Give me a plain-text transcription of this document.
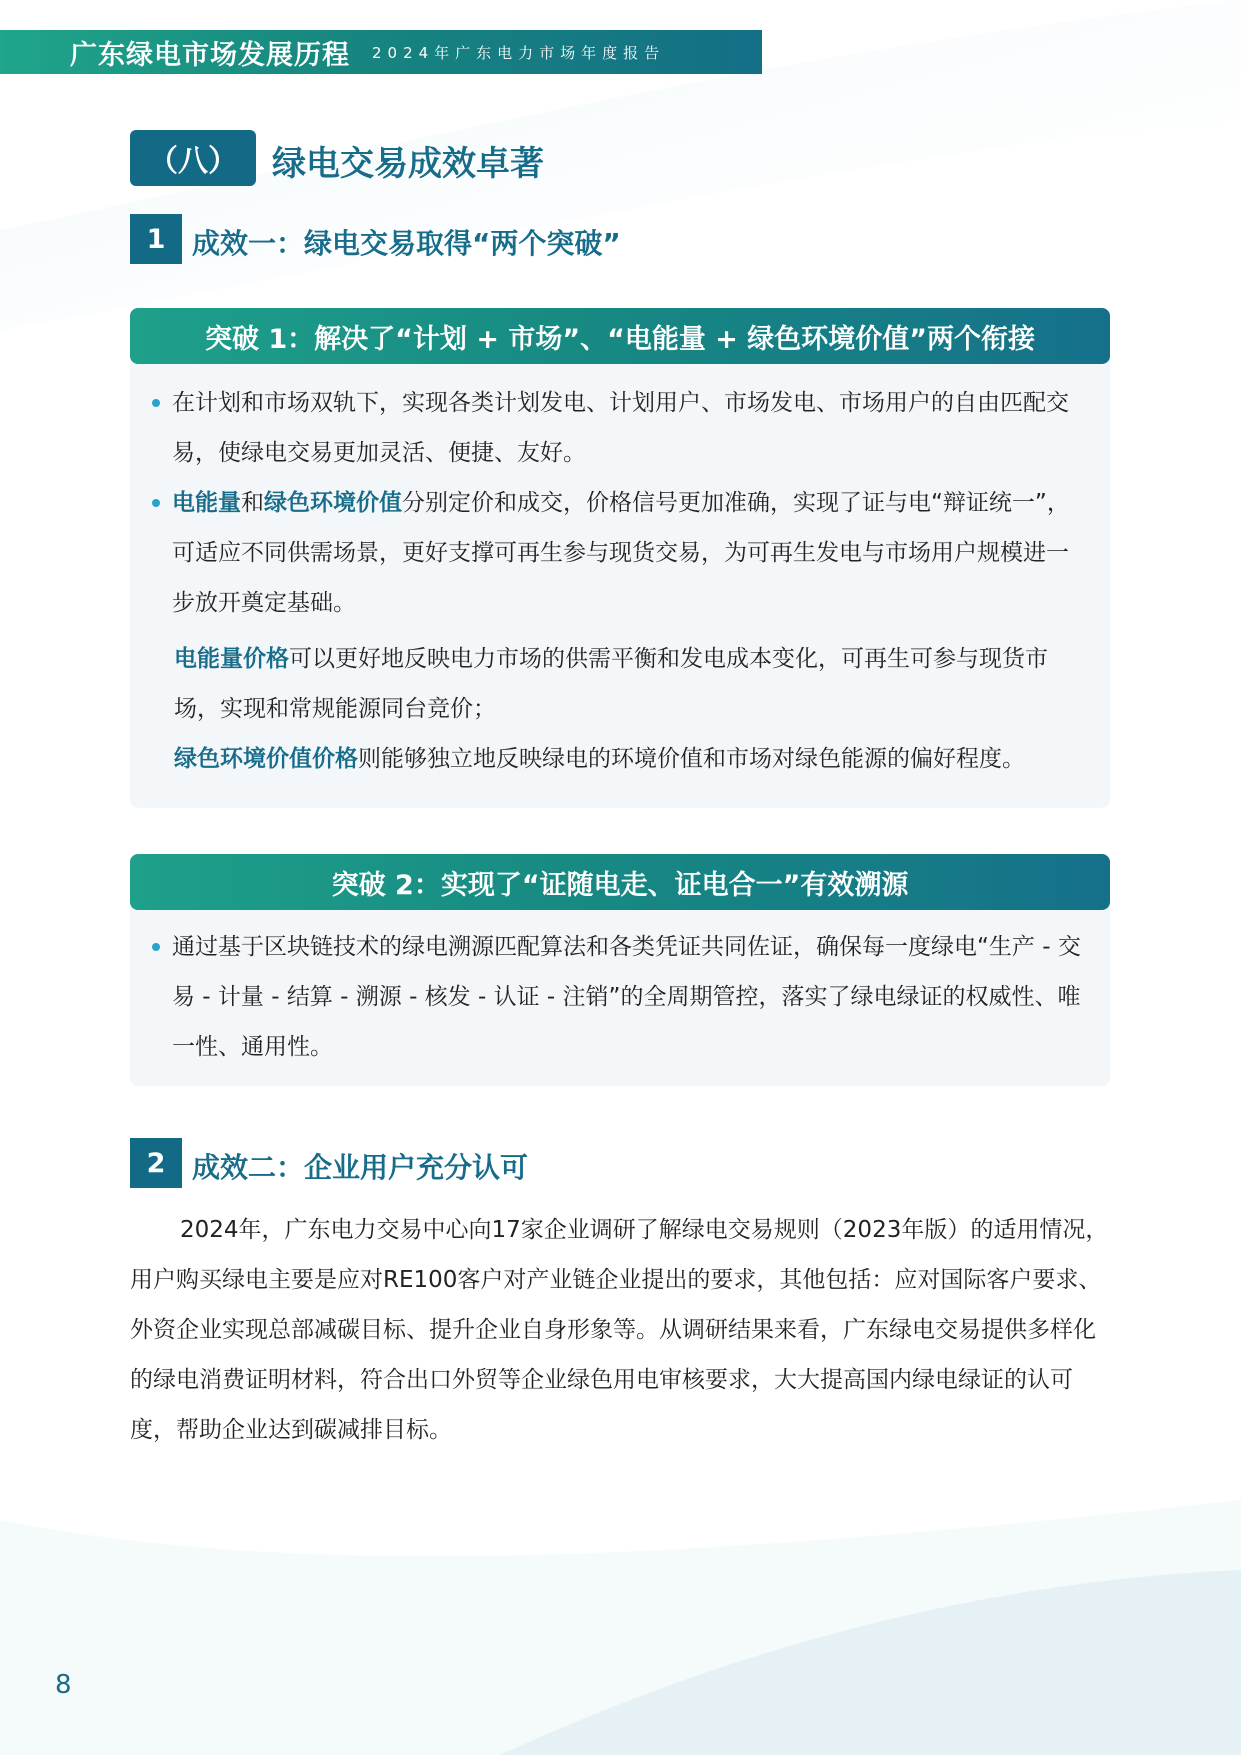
广东绿电市场发展历程 2024年广东电力市场年度报告
（八）	绿电交易成效卓著
1 成效一：绿电交易取得“两个突破”
突破 1：解决了“计划 + 市场”、“电能量 + 绿色环境价值”两个衔接

在计划和市场双轨下，实现各类计划发电、计划用户、市场发电、市场用户的自由匹配交易，使绿电交易更加灵活、便捷、友好。

电能量和绿色环境价值分别定价和成交，价格信号更加准确，实现了证与电“辩证统一”，可适应不同供需场景，更好支撑可再生参与现货交易，为可再生发电与市场用户规模进一步放开奠定基础。

电能量价格可以更好地反映电力市场的供需平衡和发电成本变化，可再生可参与现货市场，实现和常规能源同台竞价；

绿色环境价值价格则能够独立地反映绿电的环境价值和市场对绿色能源的偏好程度。

突破 2：实现了“证随电走、证电合一”有效溯源

通过基于区块链技术的绿电溯源匹配算法和各类凭证共同佐证，确保每一度绿电“生产 - 交易 - 计量 - 结算 - 溯源 - 核发 - 认证 - 注销”的全周期管控，落实了绿电绿证的权威性、唯一性、通用性。

2 成效二：企业用户充分认可

2024年，广东电力交易中心向17家企业调研了解绿电交易规则（2023年版）的适用情况，用户购买绿电主要是应对RE100客户对产业链企业提出的要求，其他包括：应对国际客户要求、外资企业实现总部减碳目标、提升企业自身形象等。从调研结果来看，广东绿电交易提供多样化的绿电消费证明材料，符合出口外贸等企业绿色用电审核要求，大大提高国内绿电绿证的认可度，帮助企业达到碳减排目标。

8
